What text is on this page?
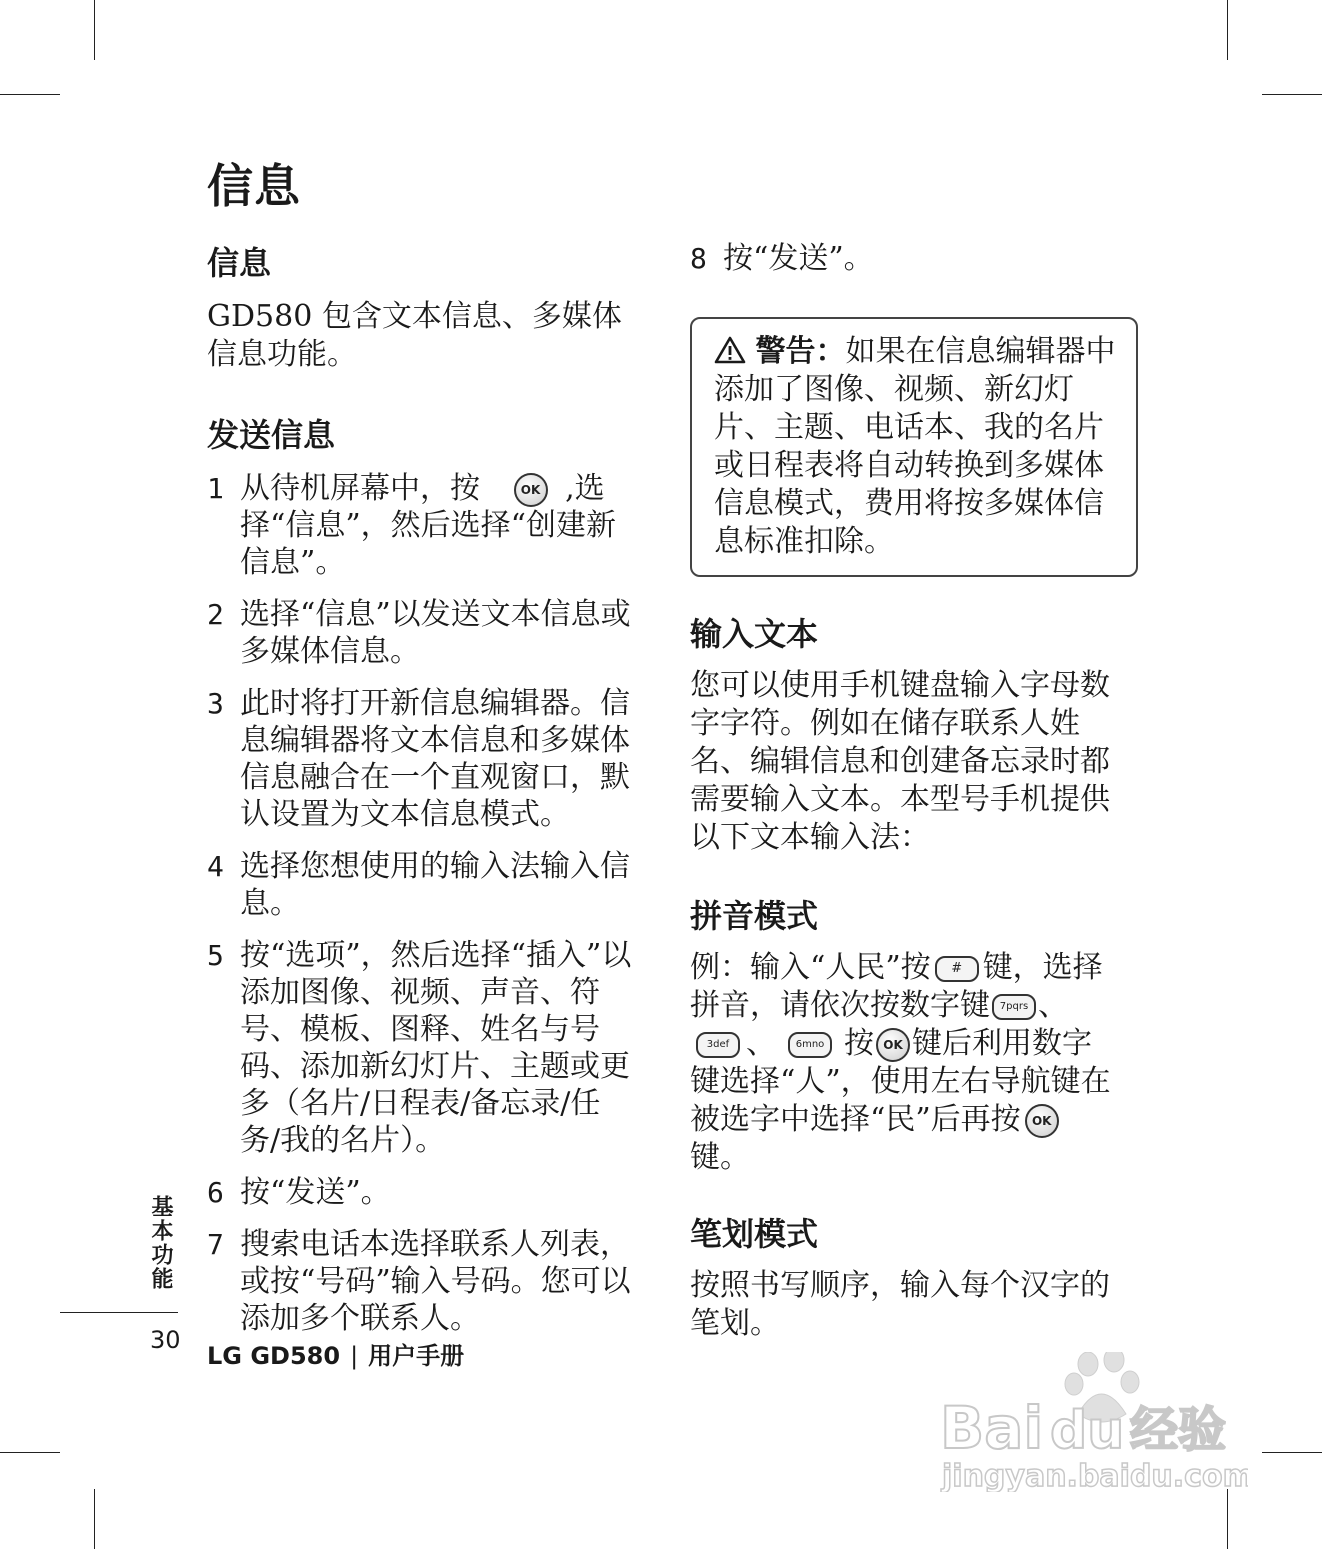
信息
信息

GD580 包含文本信息、多媒体信息功能。

发送信息
1 从待机屏幕中，按	OK ,选择“信息”，然后选择“创建新信息”。
2 选择“信息”以发送文本信息或多媒体信息。
3 此时将打开新信息编辑器。信息编辑器将文本信息和多媒体信息融合在一个直观窗口，默认设置为文本信息模式。
4 选择您想使用的输入法输入信息。
5 按“选项”，然后选择“插入”以添加图像、视频、声音、符号、模板、图释、姓名与号码、添加新幻灯片、主题或更多（名片/日程表/备忘录/任务/我的名片）。
6 按“发送”。
7 搜索电话本选择联系人列表，或按“号码”输入号码。您可以添加多个联系人。
8 按“发送”。
警告：如果在信息编辑器中添加了图像、视频、新幻灯片、主题、电话本、我的名片或日程表将自动转换到多媒体信息模式，费用将按多媒体信息标准扣除。
输入文本

您可以使用手机键盘输入字母数字字符。例如在储存联系人姓名、编辑信息和创建备忘录时都需要输入文本。本型号手机提供以下文本输入法：

拼音模式

例：输入“人民”按 # 键，选择拼音，请依次按数字键 7pqrs 、3def 、 6mno 按 OK 键后利用数字键选择“人”，使用左右导航键在被选字中选择“民”后再按 OK键。

笔划模式

按照书写顺序，输入每个汉字的笔划。

基本功能
30
LG GD580 | 用户手册
Bai du 经验
jingyan.baidu.com
